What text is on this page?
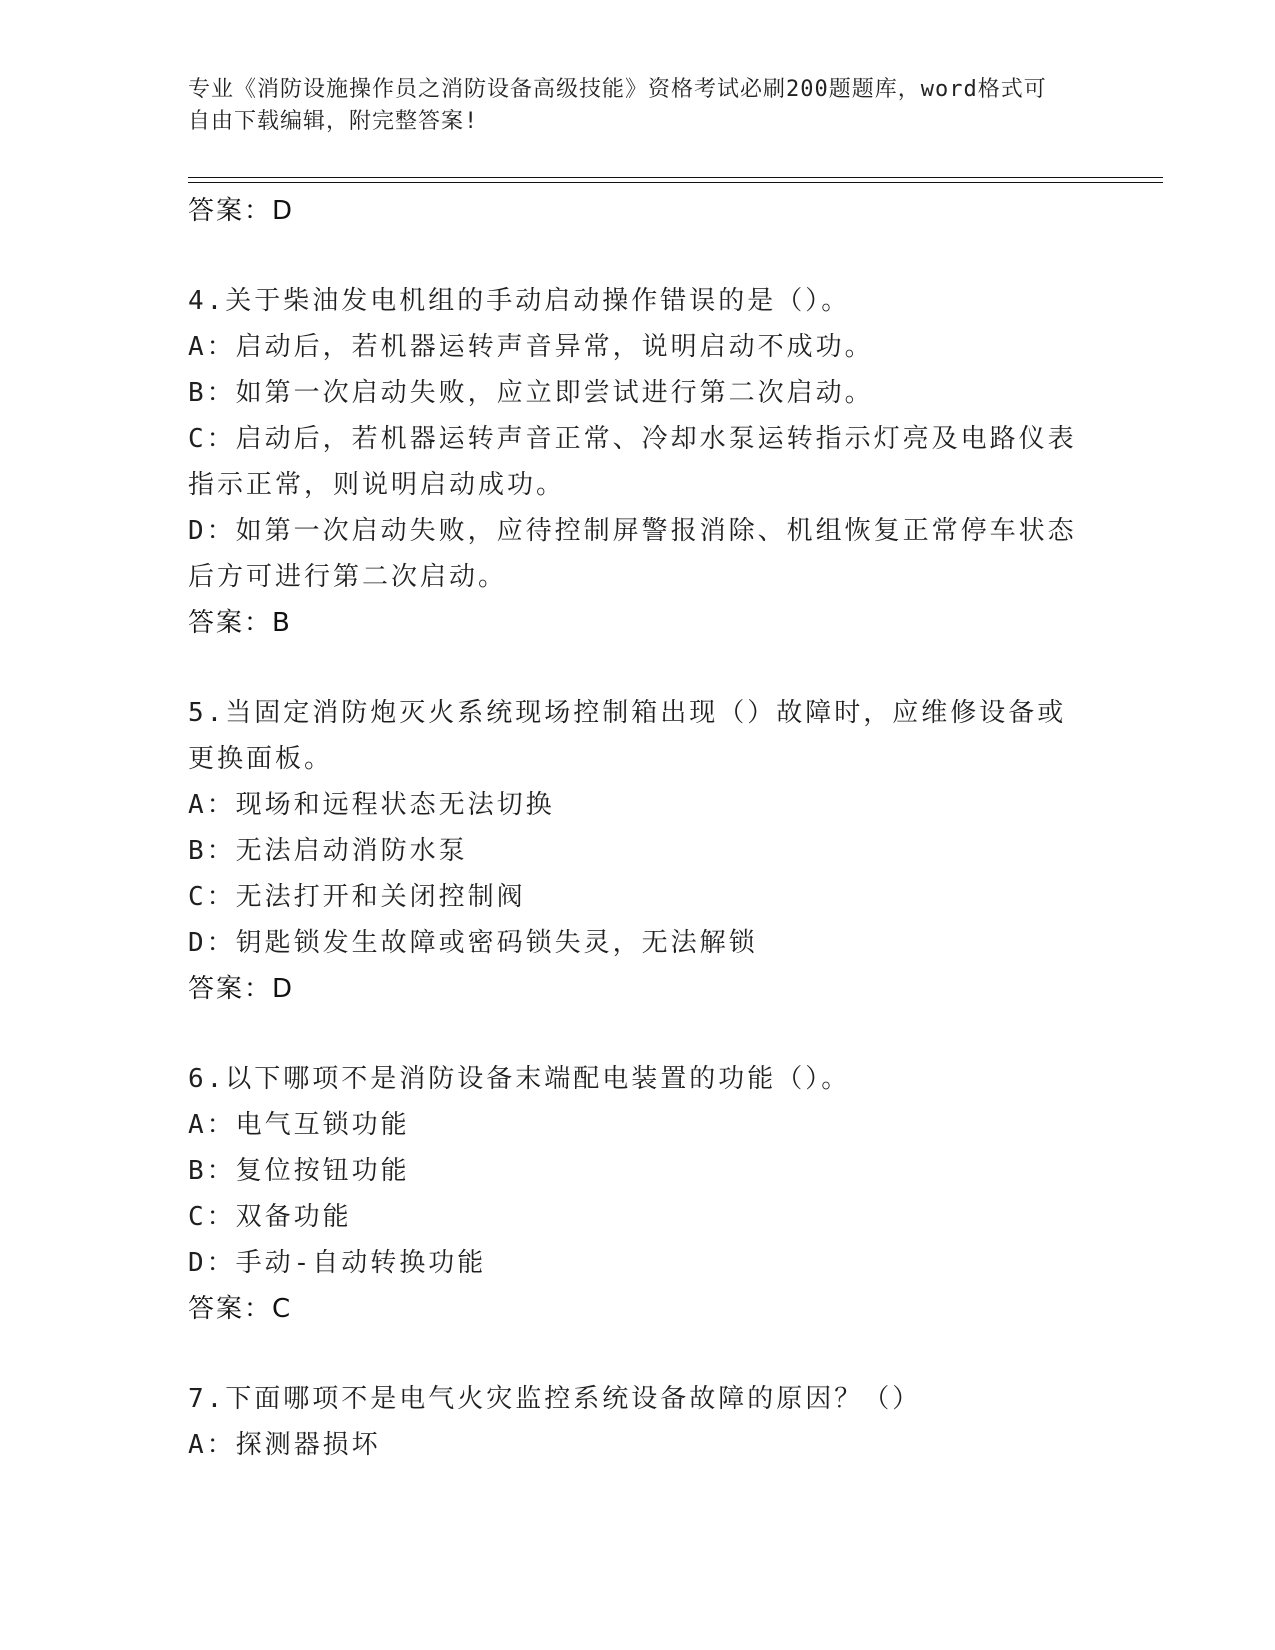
专业《消防设施操作员之消防设备高级技能》资格考试必刷200题题库，word格式可自由下载编辑，附完整答案!

答案：D

4.关于柴油发电机组的手动启动操作错误的是（）。

A：启动后，若机器运转声音异常，说明启动不成功。

B：如第一次启动失败，应立即尝试进行第二次启动。

C：启动后，若机器运转声音正常、冷却水泵运转指示灯亮及电路仪表指示正常，则说明启动成功。

D：如第一次启动失败，应待控制屏警报消除、机组恢复正常停车状态后方可进行第二次启动。

答案：B

5.当固定消防炮灭火系统现场控制箱出现（）故障时，应维修设备或更换面板。

A：现场和远程状态无法切换

B：无法启动消防水泵

C：无法打开和关闭控制阀

D：钥匙锁发生故障或密码锁失灵，无法解锁

答案：D

6.以下哪项不是消防设备末端配电装置的功能（）。

A：电气互锁功能

B：复位按钮功能

C：双备功能

D：手动-自动转换功能

答案：C

7.下面哪项不是电气火灾监控系统设备故障的原因？（）

A：探测器损坏
